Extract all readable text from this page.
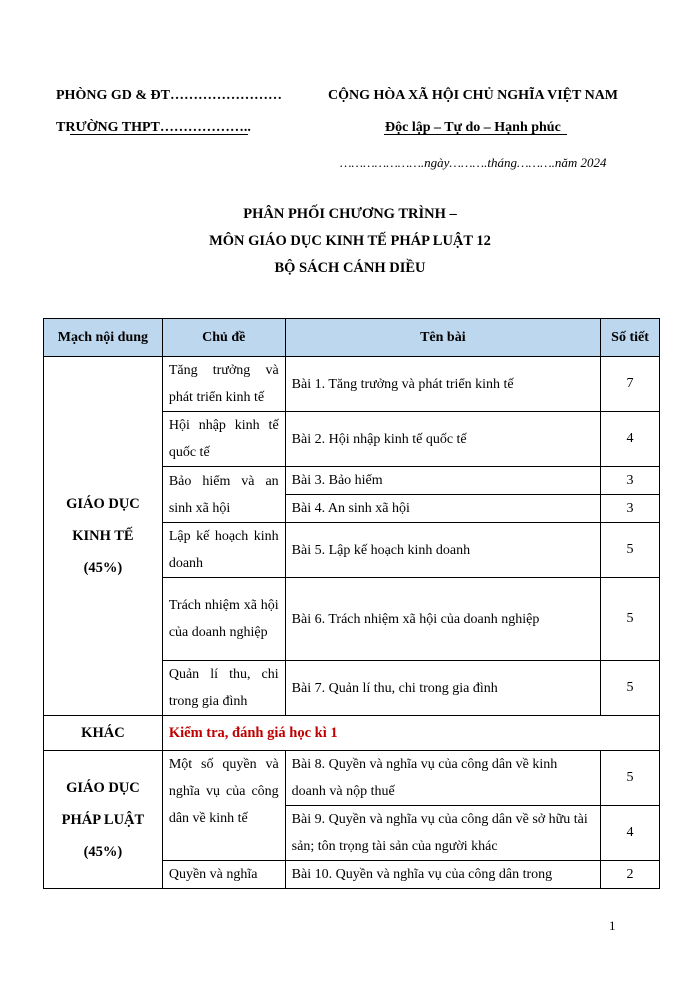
PHÒNG GD & ĐT……………………
TRƯỜNG THPT………………..
CỘNG HÒA XÃ HỘI CHỦ NGHĨA VIỆT NAM
Độc lập – Tự do – Hạnh phúc
………………….ngày……….tháng……….năm 2024
PHÂN PHỐI CHƯƠNG TRÌNH –
MÔN GIÁO DỤC KINH TẾ PHÁP LUẬT 12
BỘ SÁCH CÁNH DIỀU
Mạch nội dung	Chủ đề	Tên bài	Số tiết

GIÁO DỤC
KINH TẾ
(45%)	Tăng trưởng và phát triển kinh tế	Bài 1. Tăng trưởng và phát triển kinh tế	7
	Hội nhập kinh tế quốc tế	Bài 2. Hội nhập kinh tế quốc tế	4
	Bảo hiểm và an sinh xã hội	Bài 3. Bảo hiểm	3
		Bài 4. An sinh xã hội	3
	Lập kế hoạch kinh doanh	Bài 5. Lập kế hoạch kinh doanh	5
	Trách nhiệm xã hội của doanh nghiệp	Bài 6. Trách nhiệm xã hội của doanh nghiệp	5
	Quản lí thu, chi trong gia đình	Bài 7. Quản lí thu, chi trong gia đình	5
KHÁC	Kiểm tra, đánh giá học kì 1		

GIÁO DỤC
PHÁP LUẬT
(45%)	Một số quyền và nghĩa vụ của công dân về kinh tế	Bài 8. Quyền và nghĩa vụ của công dân về kinh doanh và nộp thuế	5
		Bài 9. Quyền và nghĩa vụ của công dân về sở hữu tài sản; tôn trọng tài sản của người khác	4
	Quyền và nghĩa	Bài 10. Quyền và nghĩa vụ của công dân trong	2
1
